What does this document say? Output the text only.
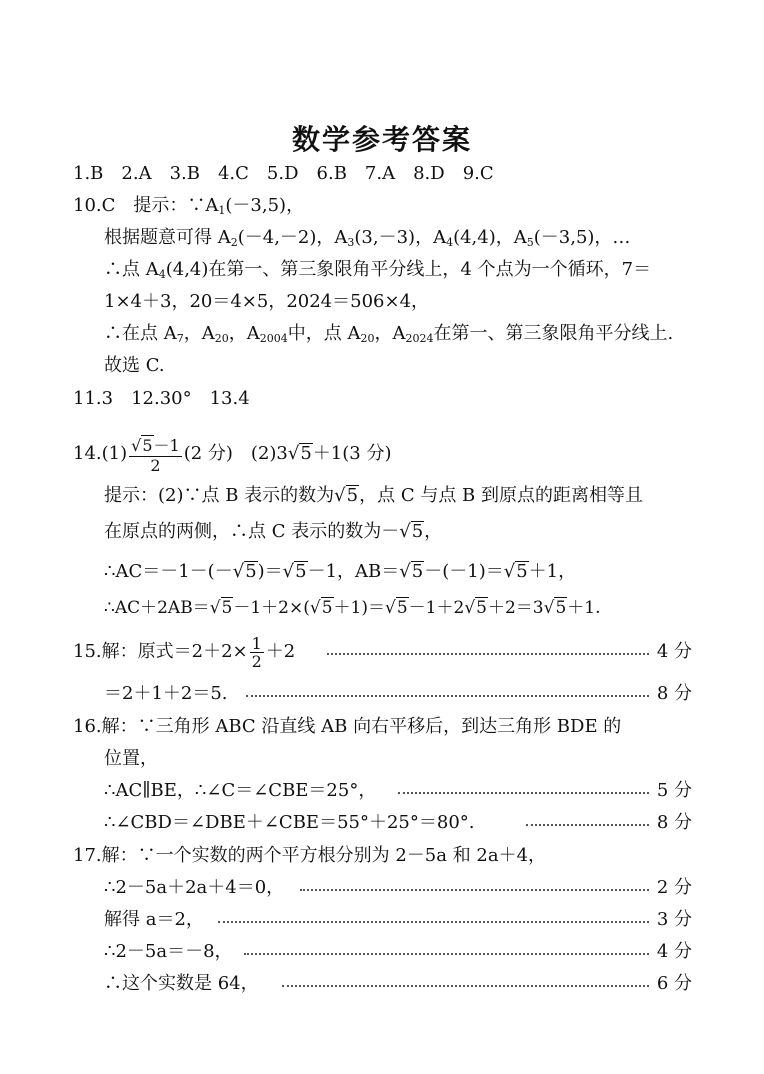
数学参考答案
1.B　2.A　3.B　4.C　5.D　6.B　7.A　8.D　9.C
10.C　提示：$\because A_1(-3,5)$，
根据题意可得 $A_2(-4,-2)$，$A_3(3,-3)$，$A_4(4,4)$，$A_5(-3,5)$，…
∴点 $A_4(4,4)$在第一、第三象限角平分线上，4 个点为一个循环，7＝
1×4＋3，20＝4×5，2024＝506×4，
∴在点 $A_7$，$A_{20}$，$A_{2004}$中，点 $A_{20}$，$A_{2024}$在第一、第三象限角平分线上.
故选 C.
11.3　12.30°　13.4
$14.(1) \frac{√5-1}{2} (2$ 分)　(2)3√5＋1(3 分)
提示：(2)∵点 B 表示的数为√5，点 C 与点 B 到原点的距离相等且
在原点的两侧，∴点 C 表示的数为－√5，
∴AC＝－1－(－√5)＝√5－1，AB＝√5－(－1)＝√5＋1，
∴AC＋2AB＝√5－1＋2×(√5＋1)＝√5－1＋2√5＋2＝3√5＋1.
15.解：原式$=2+2\times \frac{1}{2} +2$	4 分
＝2＋1＋2＝5.	8 分
16.解：∵三角形 ABC 沿直线 AB 向右平移后，到达三角形 BDE 的
位置，
∴AC∥BE，∴∠C＝∠CBE＝25°，	5 分
∴∠CBD＝∠DBE＋∠CBE＝55°＋25°＝80°.	8 分
17.解：∵一个实数的两个平方根分别为 2－5a 和 2a＋4，
∴2－5a＋2a＋4＝0，	2 分
解得 a＝2，	3 分
∴2－5a＝－8，	4 分
∴这个实数是 64，	6 分
